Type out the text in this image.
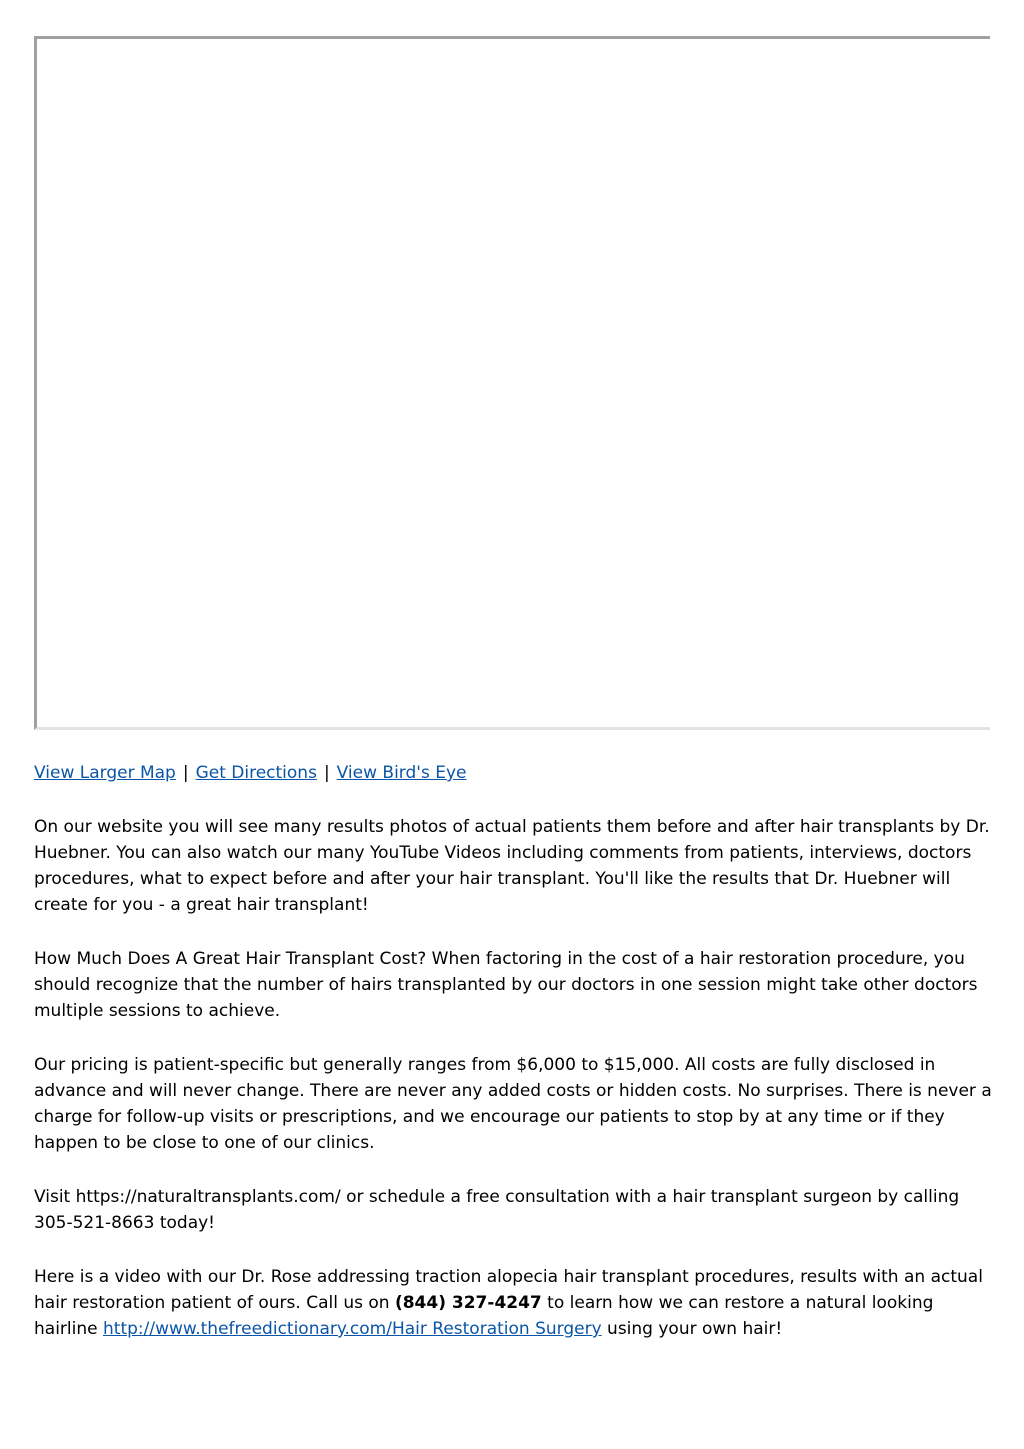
View Larger Map | Get Directions | View Bird's Eye

On our website you will see many results photos of actual patients them before and after hair transplants by Dr. Huebner. You can also watch our many YouTube Videos including comments from patients, interviews, doctors procedures, what to expect before and after your hair transplant. You'll like the results that Dr. Huebner will create for you - a great hair transplant!

How Much Does A Great Hair Transplant Cost? When factoring in the cost of a hair restoration procedure, you should recognize that the number of hairs transplanted by our doctors in one session might take other doctors multiple sessions to achieve.

Our pricing is patient-specific but generally ranges from $6,000 to $15,000. All costs are fully disclosed in advance and will never change. There are never any added costs or hidden costs. No surprises. There is never a charge for follow-up visits or prescriptions, and we encourage our patients to stop by at any time or if they happen to be close to one of our clinics.

Visit https://naturaltransplants.com/ or schedule a free consultation with a hair transplant surgeon by calling 305-521-8663 today!

Here is a video with our Dr. Rose addressing traction alopecia hair transplant procedures, results with an actual hair restoration patient of ours. Call us on (844) 327-4247 to learn how we can restore a natural looking hairline http://www.thefreedictionary.com/Hair Restoration Surgery using your own hair!
